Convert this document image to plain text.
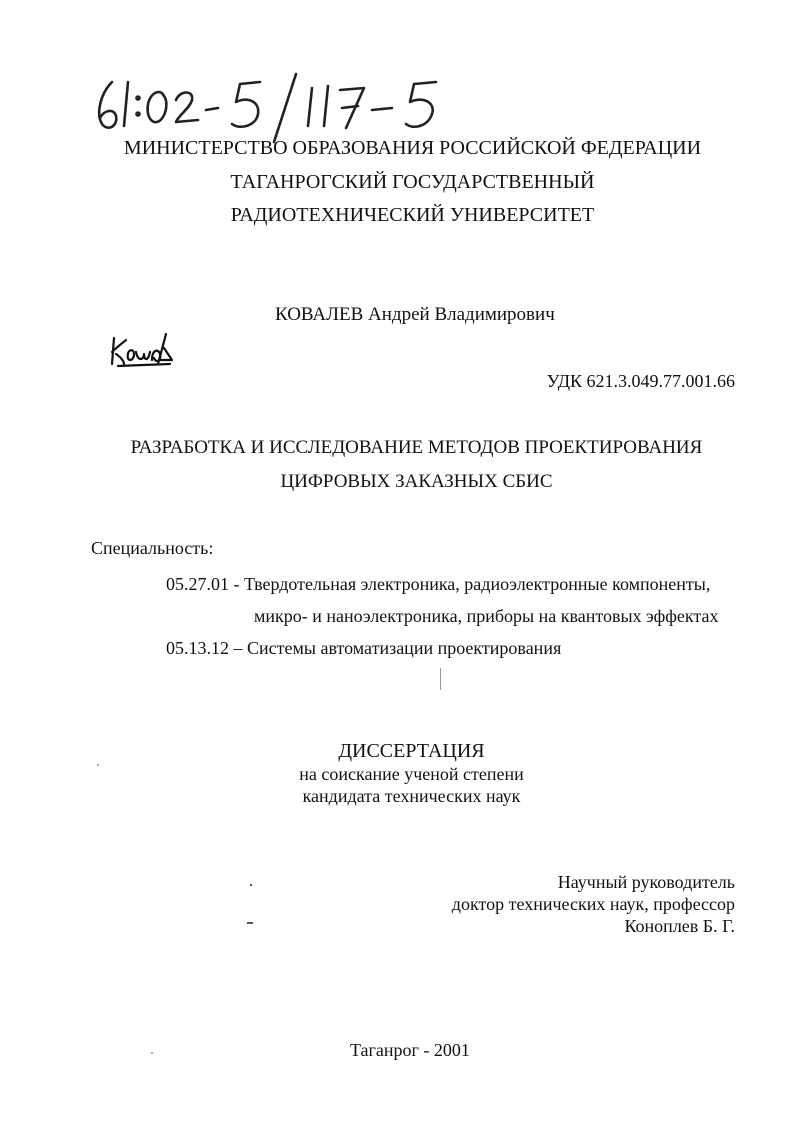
МИНИСТЕРСТВО ОБРАЗОВАНИЯ РОССИЙСКОЙ ФЕДЕРАЦИИ
ТАГАНРОГСКИЙ ГОСУДАРСТВЕННЫЙ
РАДИОТЕХНИЧЕСКИЙ УНИВЕРСИТЕТ
КОВАЛЕВ Андрей Владимирович
УДК 621.3.049.77.001.66
РАЗРАБОТКА И ИССЛЕДОВАНИЕ МЕТОДОВ ПРОЕКТИРОВАНИЯ
ЦИФРОВЫХ ЗАКАЗНЫХ СБИС
Специальность:
05.27.01 - Твердотельная электроника, радиоэлектронные компоненты,
микро- и наноэлектроника, приборы на квантовых эффектах
05.13.12 – Системы автоматизации проектирования
ДИССЕРТАЦИЯ
на соискание ученой степени
кандидата технических наук
Научный руководитель
доктор технических наук, профессор
Коноплев Б. Г.
Таганрог - 2001
